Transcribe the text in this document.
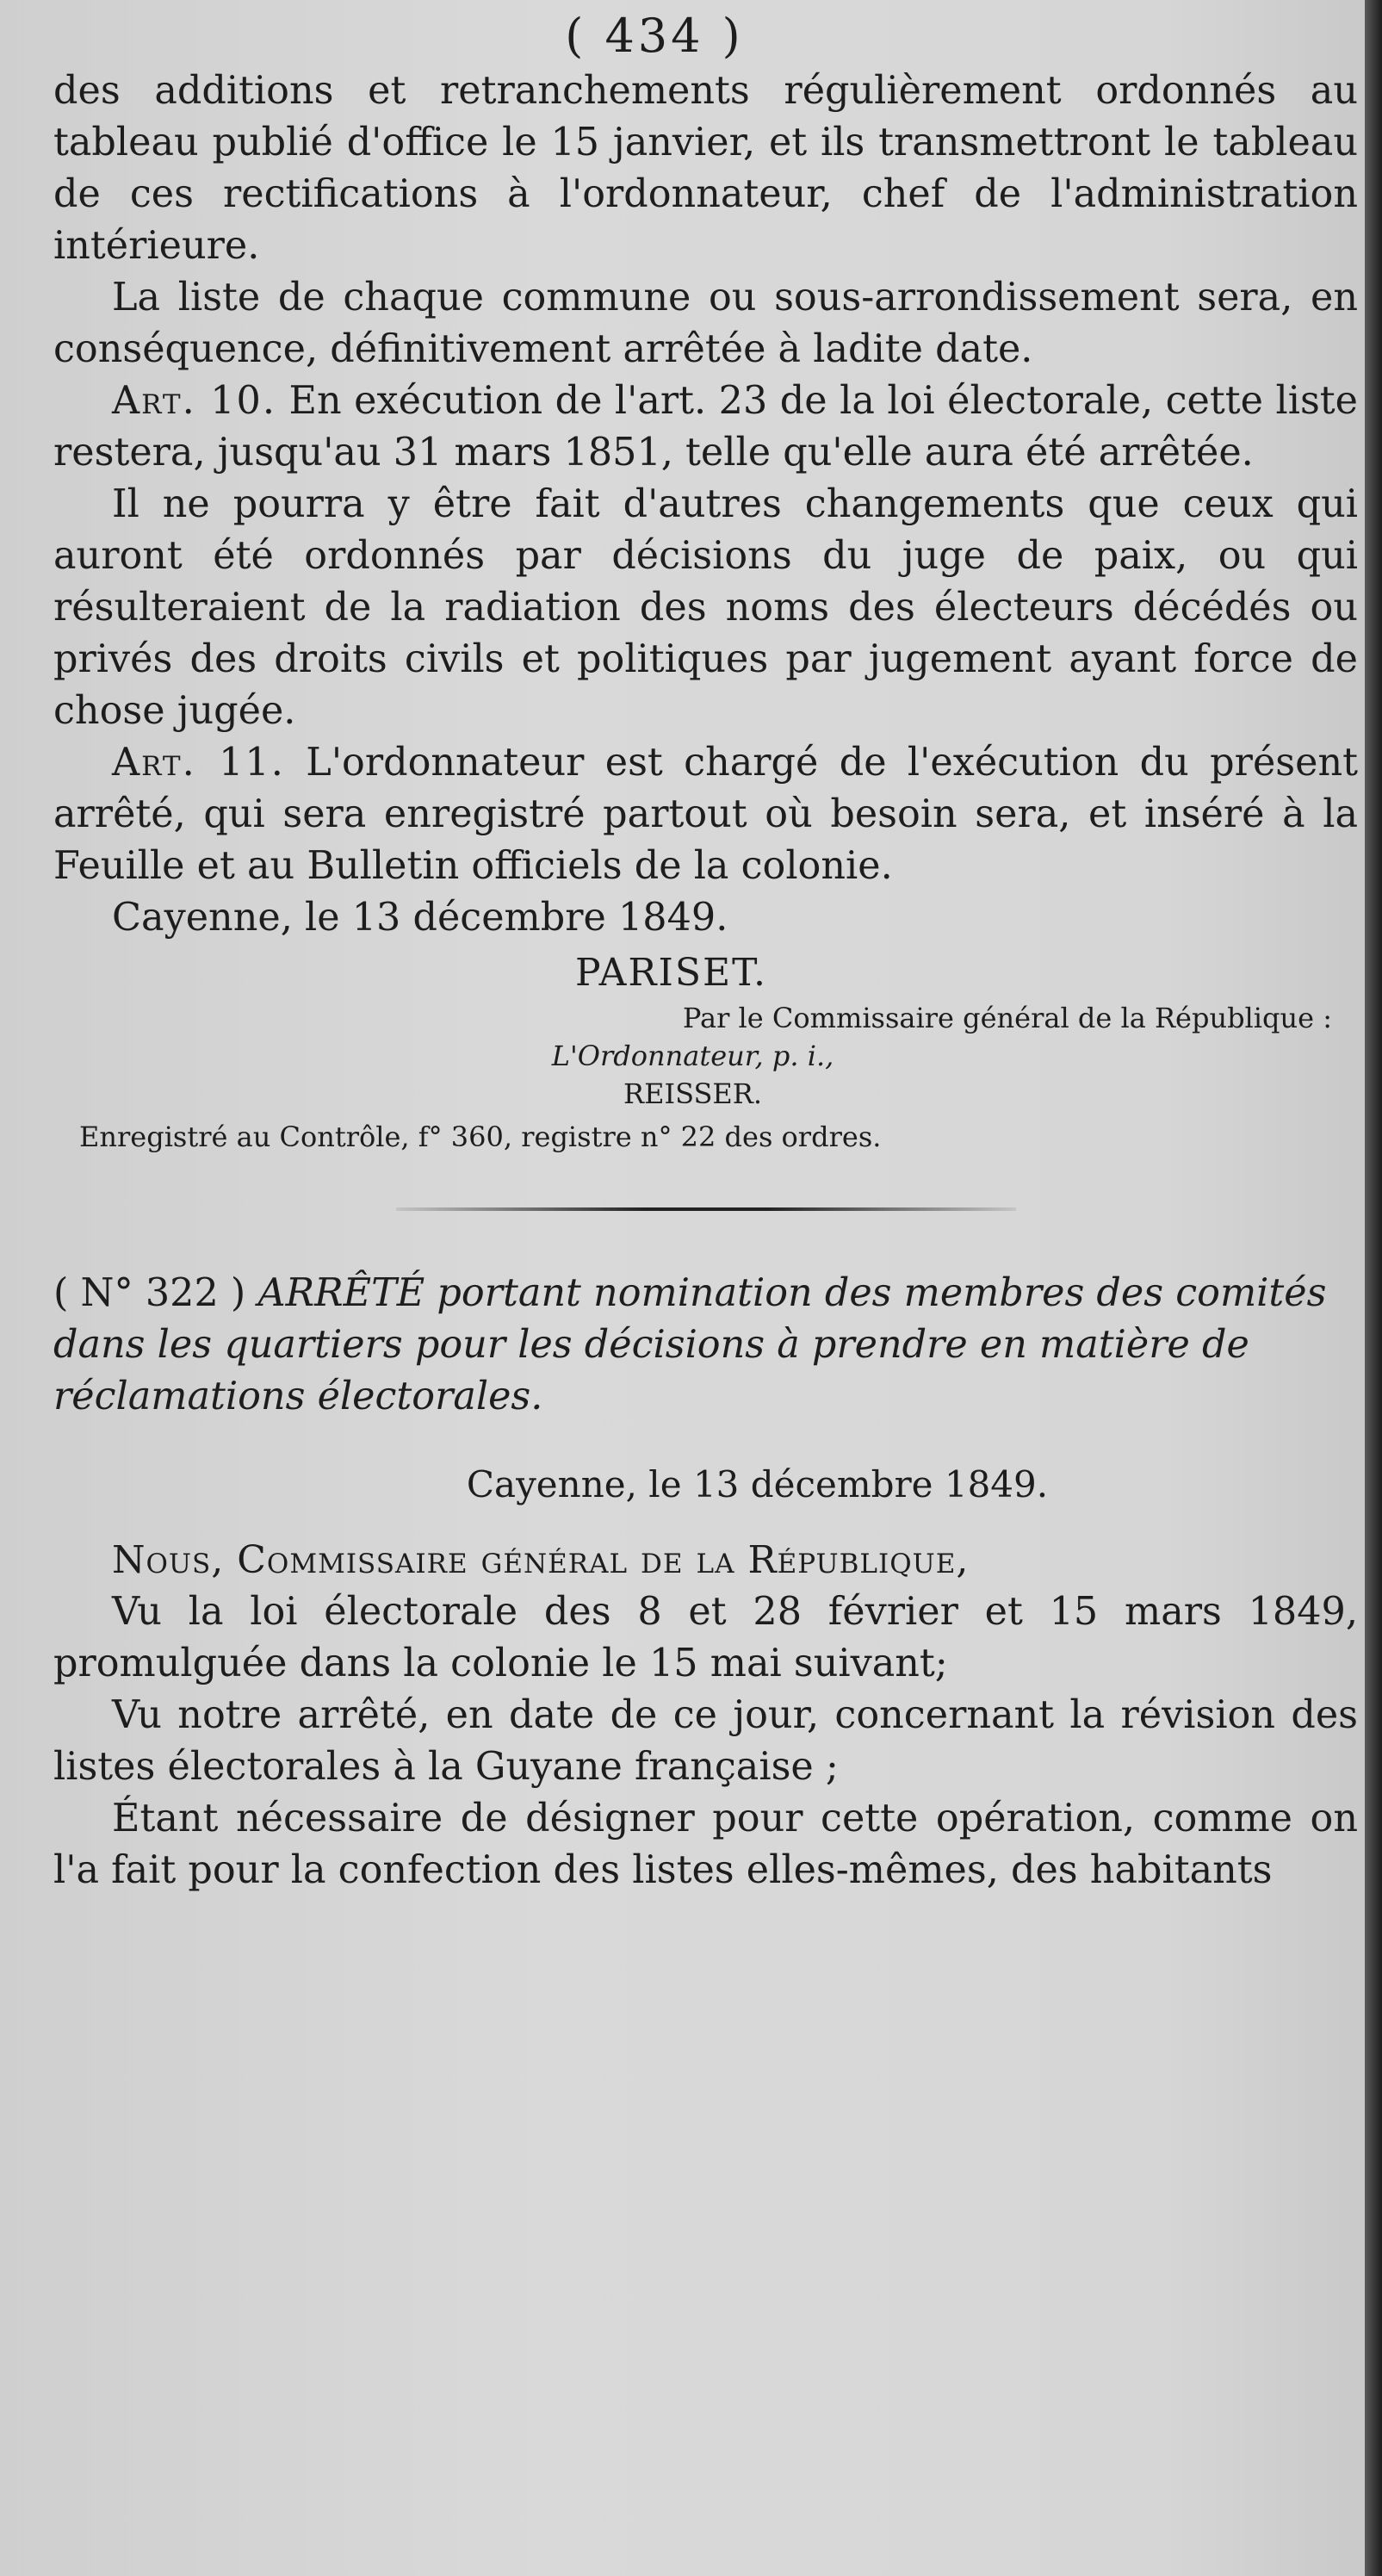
( 434 )

des additions et retranchements régulièrement ordonnés au tableau publié d'office le 15 janvier, et ils transmettront le tableau de ces rectifications à l'ordonnateur, chef de l'administration intérieure.

La liste de chaque commune ou sous-arrondissement sera, en conséquence, définitivement arrêtée à ladite date.

Art. 10. En exécution de l'art. 23 de la loi électorale, cette liste restera, jusqu'au 31 mars 1851, telle qu'elle aura été arrêtée.

Il ne pourra y être fait d'autres changements que ceux qui auront été ordonnés par décisions du juge de paix, ou qui résulteraient de la radiation des noms des électeurs décédés ou privés des droits civils et politiques par jugement ayant force de chose jugée.

Art. 11. L'ordonnateur est chargé de l'exécution du présent arrêté, qui sera enregistré partout où besoin sera, et inséré à la Feuille et au Bulletin officiels de la colonie.

Cayenne, le 13 décembre 1849.

PARISET.

Par le Commissaire général de la République :

L'Ordonnateur, p. i.,

REISSER.

Enregistré au Contrôle, f° 360, registre n° 22 des ordres.

( N° 322 ) ARRÊTÉ portant nomination des membres des comités dans les quartiers pour les décisions à prendre en matière de réclamations électorales.

Cayenne, le 13 décembre 1849.

Nous, Commissaire général de la République,

Vu la loi électorale des 8 et 28 février et 15 mars 1849, promulguée dans la colonie le 15 mai suivant;

Vu notre arrêté, en date de ce jour, concernant la révision des listes électorales à la Guyane française ;

Étant nécessaire de désigner pour cette opération, comme on l'a fait pour la confection des listes elles-mêmes, des habitants
